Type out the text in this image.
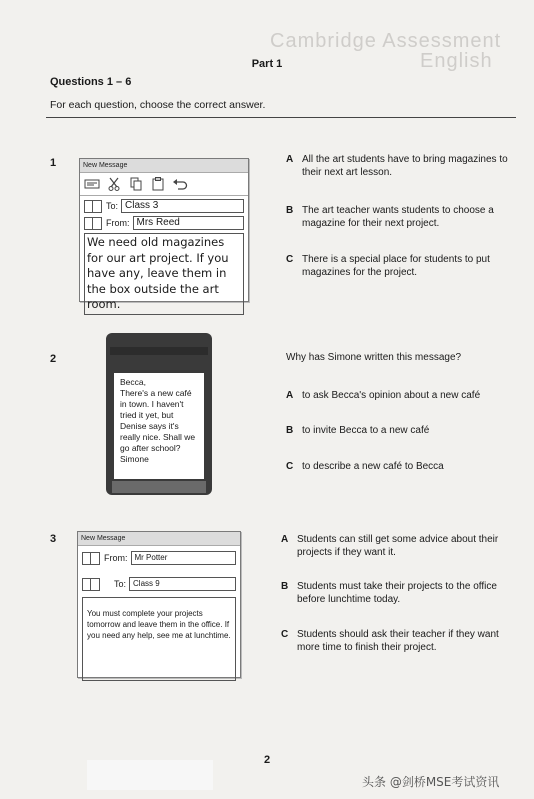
Cambridge Assessment
English
Part 1
Questions 1 – 6
For each question, choose the correct answer.
1	New Message
To: Class 3
From: Mrs Reed
We need old magazines for our art project. If you have any, leave them in the box outside the art room.
A All the art students have to bring magazines to their next art lesson.
B The art teacher wants students to choose a magazine for their next project.
C There is a special place for students to put magazines for the project.
2
Becca,
There's a new café
in town. I haven't
tried it yet, but
Denise says it's
really nice. Shall we
go after school?
Simone
Why has Simone written this message?
A to ask Becca's opinion about a new café
B to invite Becca to a new café
C to describe a new café to Becca
3	New Message
From: Mr Potter
To: Class 9
You must complete your projects tomorrow and leave them in the office. If you need any help, see me at lunchtime.
A Students can still get some advice about their projects if they want it.
B Students must take their projects to the office before lunchtime today.
C Students should ask their teacher if they want more time to finish their project.
2
头条 @剑桥MSE考试资讯
